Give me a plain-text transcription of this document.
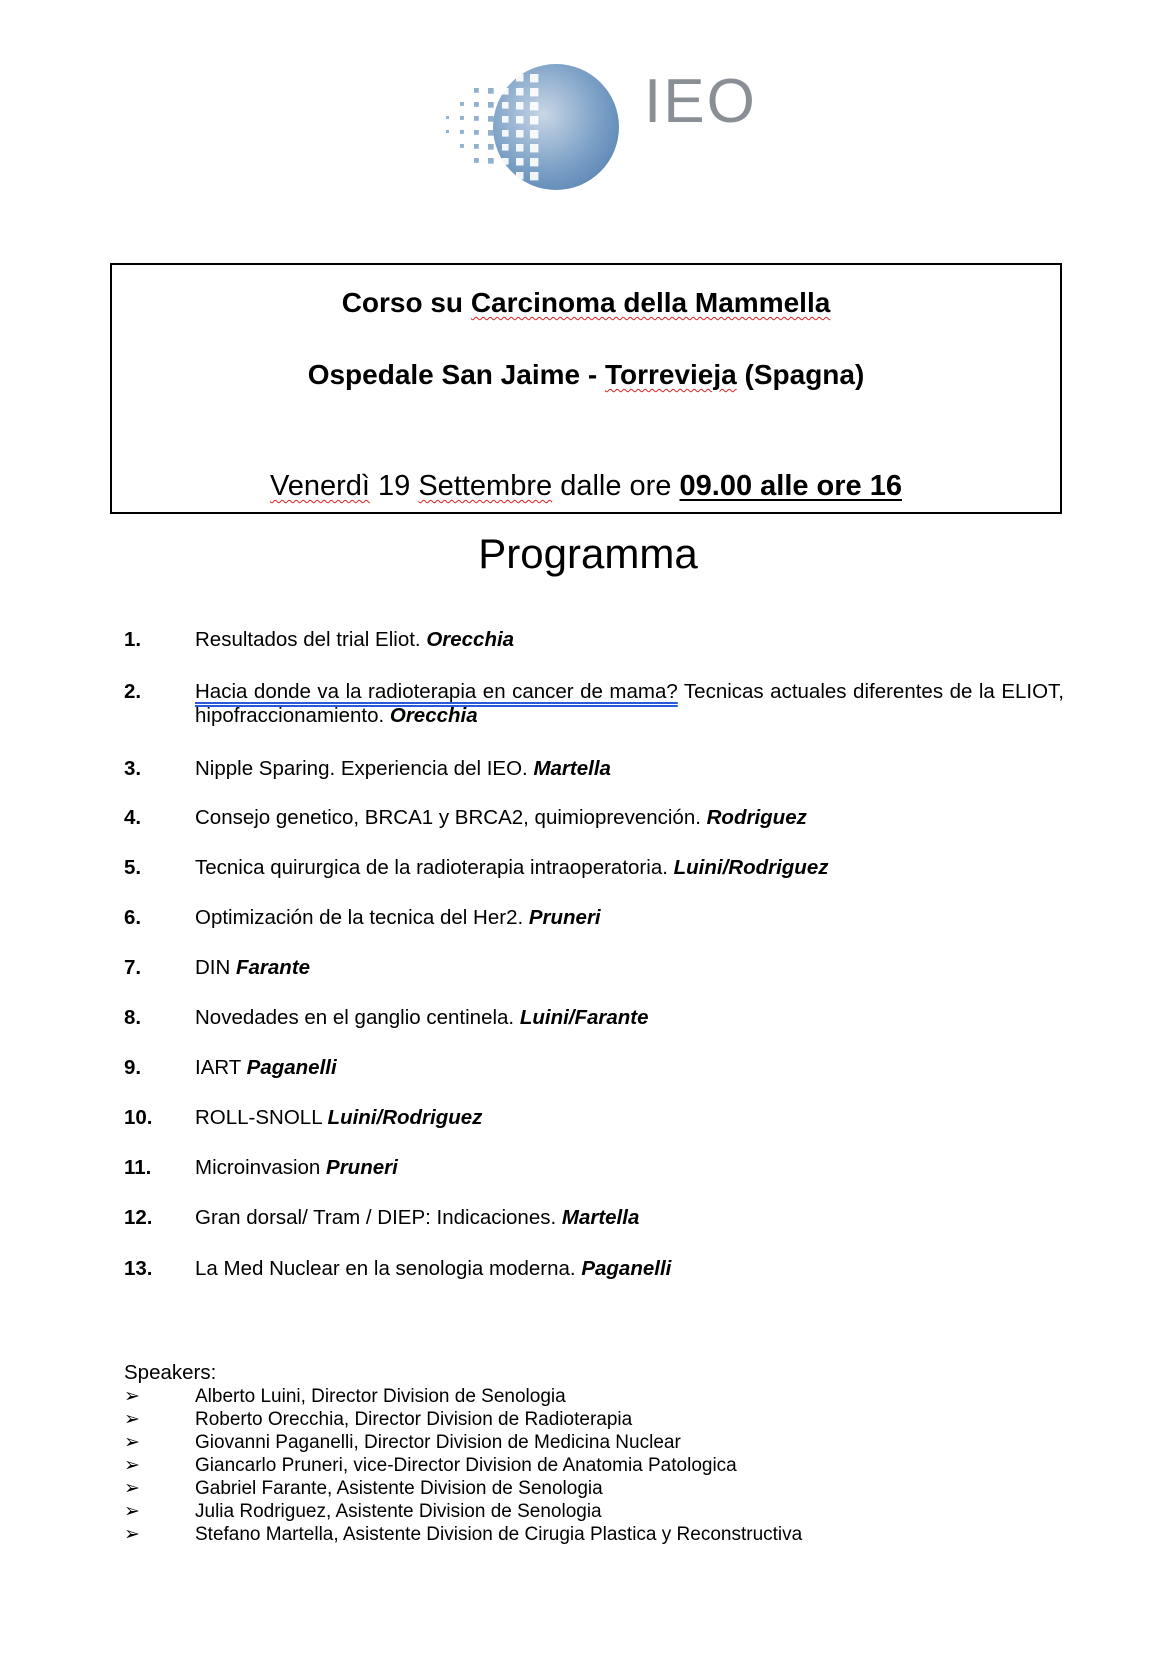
IEO
Corso su Carcinoma della Mammella
Ospedale San Jaime - Torrevieja (Spagna)
Venerdì 19 Settembre dalle ore 09.00 alle ore 16
Programma
1.	Resultados del trial Eliot. Orecchia
2.	Hacia donde va la radioterapia en cancer de mama? Tecnicas actuales diferentes de la ELIOT, hipofraccionamiento. Orecchia
3.	Nipple Sparing. Experiencia del IEO. Martella
4.	Consejo genetico, BRCA1 y BRCA2, quimioprevención. Rodriguez
5.	Tecnica quirurgica de la radioterapia intraoperatoria. Luini/Rodriguez
6.	Optimización de la tecnica del Her2. Pruneri
7.	DIN Farante
8.	Novedades en el ganglio centinela. Luini/Farante
9.	IART Paganelli
10. ROLL-SNOLL Luini/Rodriguez
11. Microinvasion Pruneri
12. Gran dorsal/ Tram / DIEP: Indicaciones. Martella
13. La Med Nuclear en la senologia moderna. Paganelli
Speakers:
➢	Alberto Luini, Director Division de Senologia
➢	Roberto Orecchia, Director Division de Radioterapia
➢	Giovanni Paganelli, Director Division de Medicina Nuclear
➢	Giancarlo Pruneri, vice-Director Division de Anatomia Patologica
➢	Gabriel Farante, Asistente Division de Senologia
➢	Julia Rodriguez, Asistente Division de Senologia
➢	Stefano Martella, Asistente Division de Cirugia Plastica y Reconstructiva
